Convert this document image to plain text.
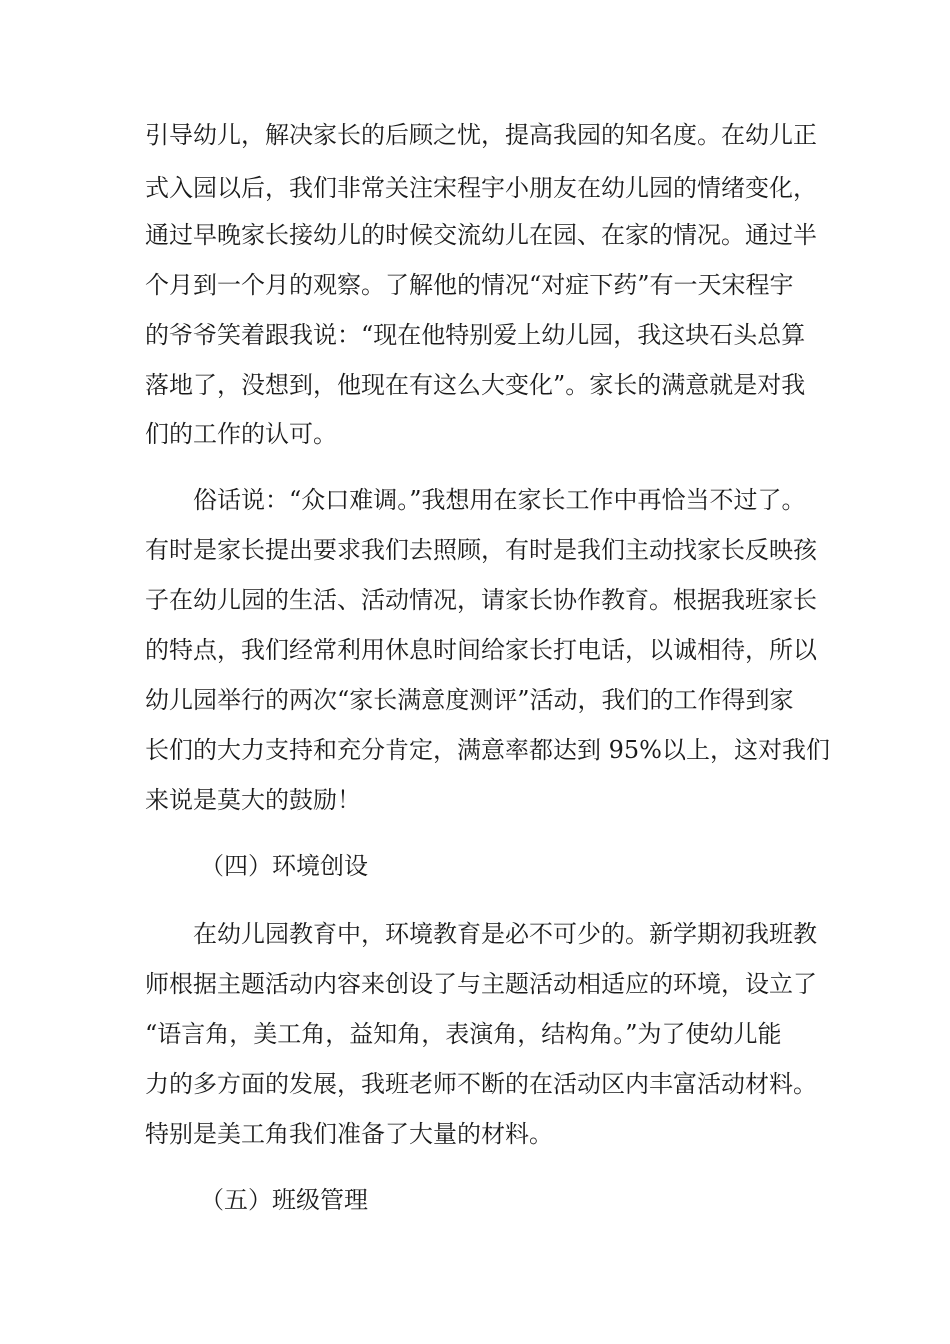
引导幼儿，解决家长的后顾之忧，提高我园的知名度。在幼儿正

式入园以后，我们非常关注宋程宇小朋友在幼儿园的情绪变化，

通过早晚家长接幼儿的时候交流幼儿在园、在家的情况。通过半

个月到一个月的观察。了解他的情况“对症下药”有一天宋程宇

的爷爷笑着跟我说：“现在他特别爱上幼儿园，我这块石头总算

落地了，没想到，他现在有这么大变化”。家长的满意就是对我

们的工作的认可。

俗话说：“众口难调。”我想用在家长工作中再恰当不过了。

有时是家长提出要求我们去照顾，有时是我们主动找家长反映孩

子在幼儿园的生活、活动情况，请家长协作教育。根据我班家长

的特点，我们经常利用休息时间给家长打电话，以诚相待，所以

幼儿园举行的两次“家长满意度测评”活动，我们的工作得到家

长们的大力支持和充分肯定，满意率都达到 95%以上，这对我们

来说是莫大的鼓励！

（四）环境创设

在幼儿园教育中，环境教育是必不可少的。新学期初我班教

师根据主题活动内容来创设了与主题活动相适应的环境，设立了

“语言角，美工角，益知角，表演角，结构角。”为了使幼儿能

力的多方面的发展，我班老师不断的在活动区内丰富活动材料。

特别是美工角我们准备了大量的材料。

（五）班级管理
